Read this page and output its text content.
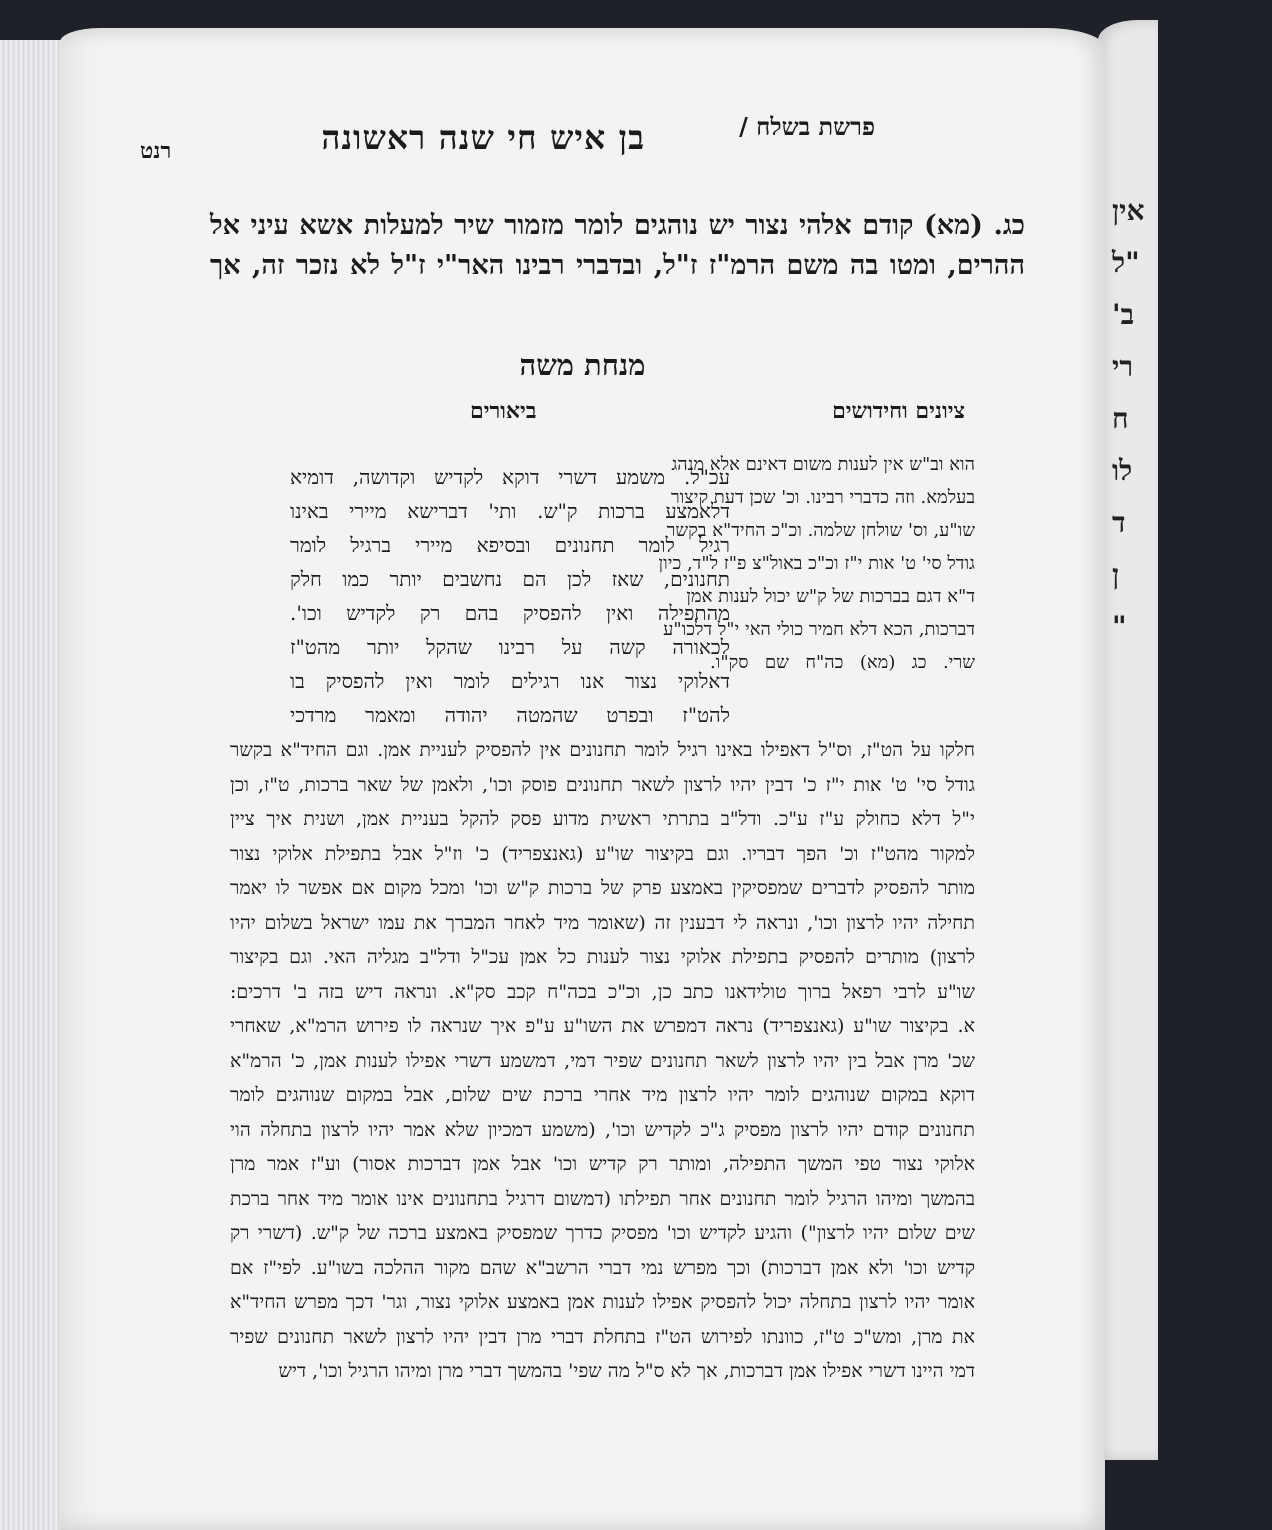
אין
"ל
ב'
רי
ח
לו
ד
ן
"
פרשת בשלח /
בן איש חי שנה ראשונה
רנט
כג. (מא) קודם אלהי נצור יש נוהגים לומר מזמור שיר למעלות אשא עיני אל
ההרים, ומטו בה משם הרמ"ז ז"ל, ובדברי רבינו האר"י ז"ל לא נזכר זה, אך
מנחת משה
ציונים וחידושים
ביאורים
הוא וב"ש אין לענות משום דאינם אלא מנהג
בעלמא. וזה כדברי רבינו. וכ' שכן דעת קיצור
שו"ע, וס' שולחן שלמה. וכ"כ החיד"א בקשר
גודל סי' ט' אות י"ז וכ"כ באול"צ פ"ז ל"ד, כיון
ד"א דגם בברכות של ק"ש יכול לענות אמן
דברכות, הכא דלא חמיר כולי האי י"ל דלכו"ע
שרי. כג (מא) כה"ח שם סק"ו.
עכ"ל. משמע דשרי דוקא לקדיש וקדושה, דומיא
דלאמצע ברכות ק"ש. ותי' דברישא מיירי באינו
רגיל לומר תחנונים ובסיפא מיירי ברגיל לומר
תחנונים, שאז לכן הם נחשבים יותר כמו חלק
מהתפילה ואין להפסיק בהם רק לקדיש וכו'.
לכאורה קשה על רבינו שהקל יותר מהט"ז
דאלוקי נצור אנו רגילים לומר ואין להפסיק בו
להט"ז ובפרט שהמטה יהודה ומאמר מרדכי
חלקו על הט"ז, וס"ל דאפילו באינו רגיל לומר תחנונים אין להפסיק לעניית אמן. וגם החיד"א בקשר
גודל סי' ט' אות י"ז כ' דבין יהיו לרצון לשאר תחנונים פוסק וכו', ולאמן של שאר ברכות, ט"ז, וכן
י"ל דלא כחולק ע"ז ע"כ. ודל"ב בתרתי ראשית מדוע פסק להקל בעניית אמן, ושנית איך ציין
למקור מהט"ז וכ' הפך דבריו. וגם בקיצור שו"ע (גאנצפריד) כ' וז"ל אבל בתפילת אלוקי נצור
מותר להפסיק לדברים שמפסיקין באמצע פרק של ברכות ק"ש וכו' ומכל מקום אם אפשר לו יאמר
תחילה יהיו לרצון וכו', ונראה לי דבענין זה (שאומר מיד לאחר המברך את עמו ישראל בשלום יהיו
לרצון) מותרים להפסיק בתפילת אלוקי נצור לענות כל אמן עכ"ל ודל"ב מגליה האי. וגם בקיצור
שו"ע לרבי רפאל ברוך טולידאנו כתב כן, וכ"כ בכה"ח קכב סק"א. ונראה דיש בזה ב' דרכים:
א. בקיצור שו"ע (גאנצפריד) נראה דמפרש את השו"ע ע"פ איך שנראה לו פירוש הרמ"א, שאחרי
שכ' מרן אבל בין יהיו לרצון לשאר תחנונים שפיר דמי, דמשמע דשרי אפילו לענות אמן, כ' הרמ"א
דוקא במקום שנוהגים לומר יהיו לרצון מיד אחרי ברכת שים שלום, אבל במקום שנוהגים לומר
תחנונים קודם יהיו לרצון מפסיק ג"כ לקדיש וכו', (משמע דמכיון שלא אמר יהיו לרצון בתחלה הוי
אלוקי נצור טפי המשך התפילה, ומותר רק קדיש וכו' אבל אמן דברכות אסור) וע"ז אמר מרן
בהמשך ומיהו הרגיל לומר תחנונים אחר תפילתו (דמשום דרגיל בתחנונים אינו אומר מיד אחר ברכת
שים שלום יהיו לרצון") והגיע לקדיש וכו' מפסיק כדרך שמפסיק באמצע ברכה של ק"ש. (דשרי רק
קדיש וכו' ולא אמן דברכות) וכך מפרש נמי דברי הרשב"א שהם מקור ההלכה בשו"ע. לפי"ז אם
אומר יהיו לרצון בתחלה יכול להפסיק אפילו לענות אמן באמצע אלוקי נצור, וגר' דכך מפרש החיד"א
את מרן, ומש"כ ט"ז, כוונתו לפירוש הט"ז בתחלת דברי מרן דבין יהיו לרצון לשאר תחנונים שפיר
דמי היינו דשרי אפילו אמן דברכות, אך לא ס"ל מה שפי' בהמשך דברי מרן ומיהו הרגיל וכו', דיש
